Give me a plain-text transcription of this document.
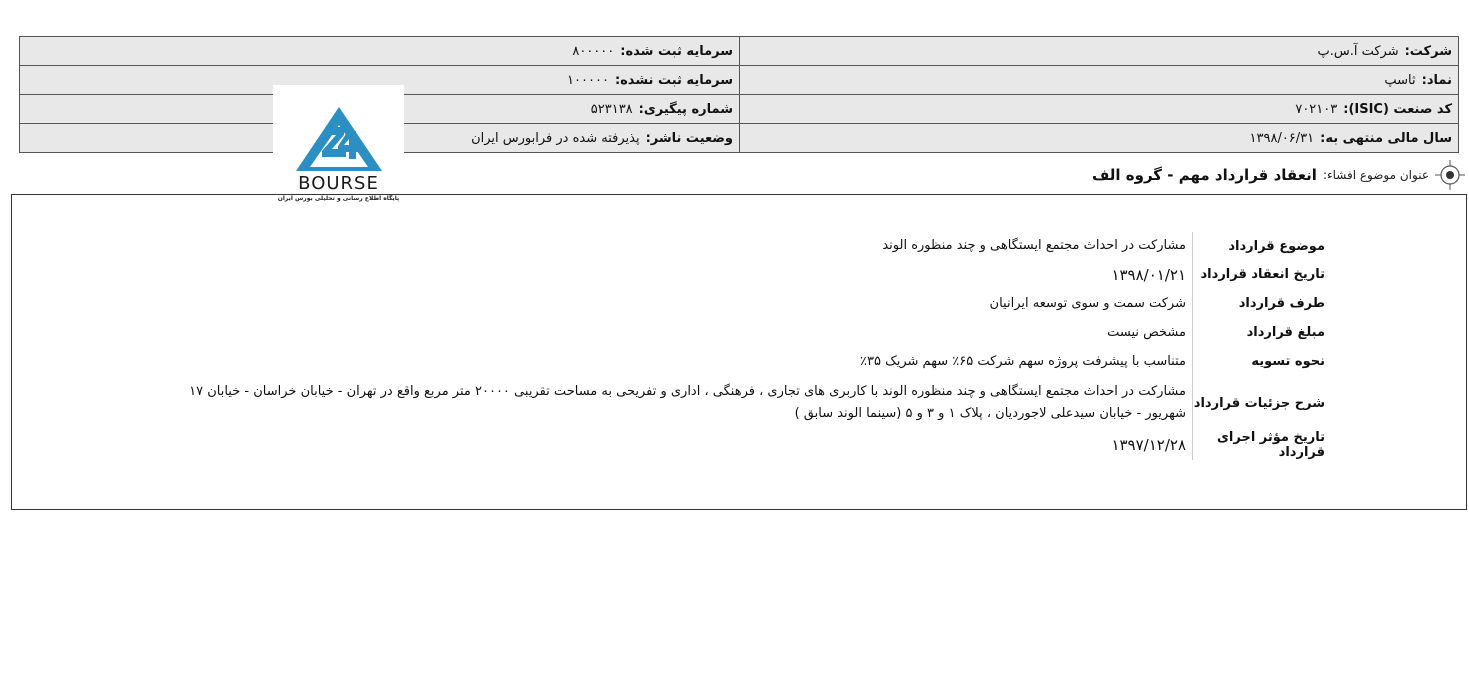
شرکت:شرکت آ.س.پ	سرمایه ثبت شده:۸۰۰۰۰۰
نماد:ثاسپ	سرمایه ثبت نشده:۱۰۰۰۰۰
کد صنعت (ISIC):۷۰۲۱۰۳	شماره پیگیری:۵۲۳۱۳۸
سال مالی منتهی به:۱۳۹۸/۰۶/۳۱	وضعیت ناشر:پذیرفته شده در فرابورس ایران
BOURSE
پایگاه اطلاع رسانی و تحلیلی بورس ایران
عنوان موضوع افشاء:
انعقاد قرارداد مهم - گروه الف
موضوع قرارداد	مشارکت در احداث مجتمع ایستگاهی و چند منظوره الوند
تاریخ انعقاد قرارداد	۱۳۹۸/۰۱/۲۱
طرف قرارداد	شرکت سمت و سوی توسعه ایرانیان
مبلغ قرارداد	مشخص نیست
نحوه تسویه	متناسب با پیشرفت پروژه سهم شرکت ۶۵٪ سهم شریک ۳۵٪
شرح جزئیات قرارداد	مشارکت در احداث مجتمع ایستگاهی و چند منظوره الوند با کاربری های تجاری ، فرهنگی ، اداری و تفریحی به مساحت تقریبی ۲۰۰۰۰ متر مربع واقع در تهران - خیابان خراسان - خیابان ۱۷ شهریور - خیابان سیدعلی لاجوردیان ، پلاک ۱ و ۳ و ۵ (سینما الوند سابق )
تاریخ مؤثر اجرای قرارداد	۱۳۹۷/۱۲/۲۸
